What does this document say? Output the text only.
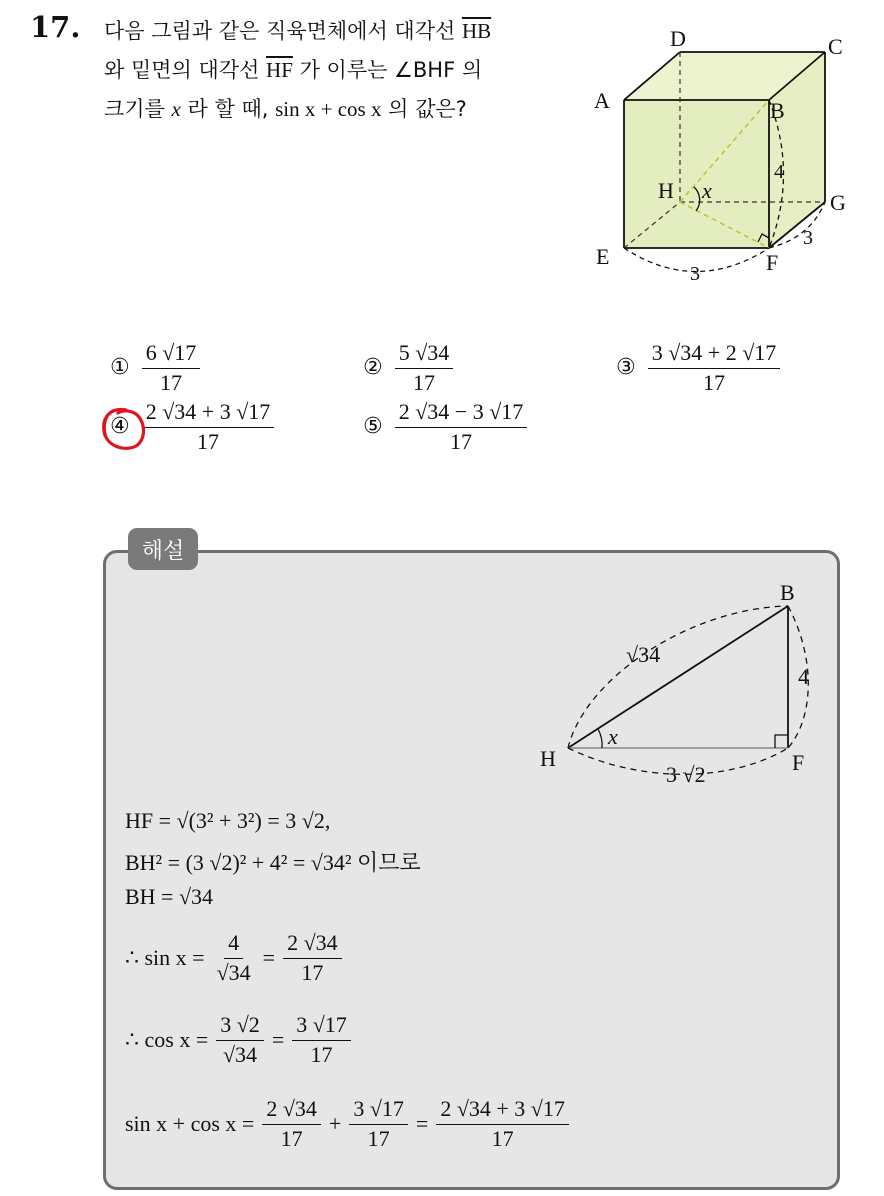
17. 다음 그림과 같은 직육면체에서 대각선 $\overline{HB}$
와 밑면의 대각선 $\overline{HF}$ 가 이루는 ∠BHF 의
크기를 x 라 할 때, sin x + cos x 의 값은?
D	C
A	B
H x	G
E	F
4
3
3
① $\frac{6 √17}{17}$	② $\frac{5 √34}{17}$	③ $\frac{3 √34 + 2 √17}{17}$
④ $\frac{2 √34 + 3 √17}{17}$	⑤ $\frac{2 √34 - 3 √17}{17}$
해설
B
H	F
x
√34
4
3 √2
HF = √(3² + 3²) = 3 √2,
BH² = (3 √2)² + 4² = √34² 이므로
BH = √34
∴ $\sin x = \frac{4}{√34} = \frac{2 √34}{17}$
∴ $\cos x = \frac{3 √2}{√34} = \frac{3 √17}{17}$
$\sin x + \cos x = \frac{2 √34}{17} + \frac{3 √17}{17} = \frac{2 √34 + 3 √17}{17}$
